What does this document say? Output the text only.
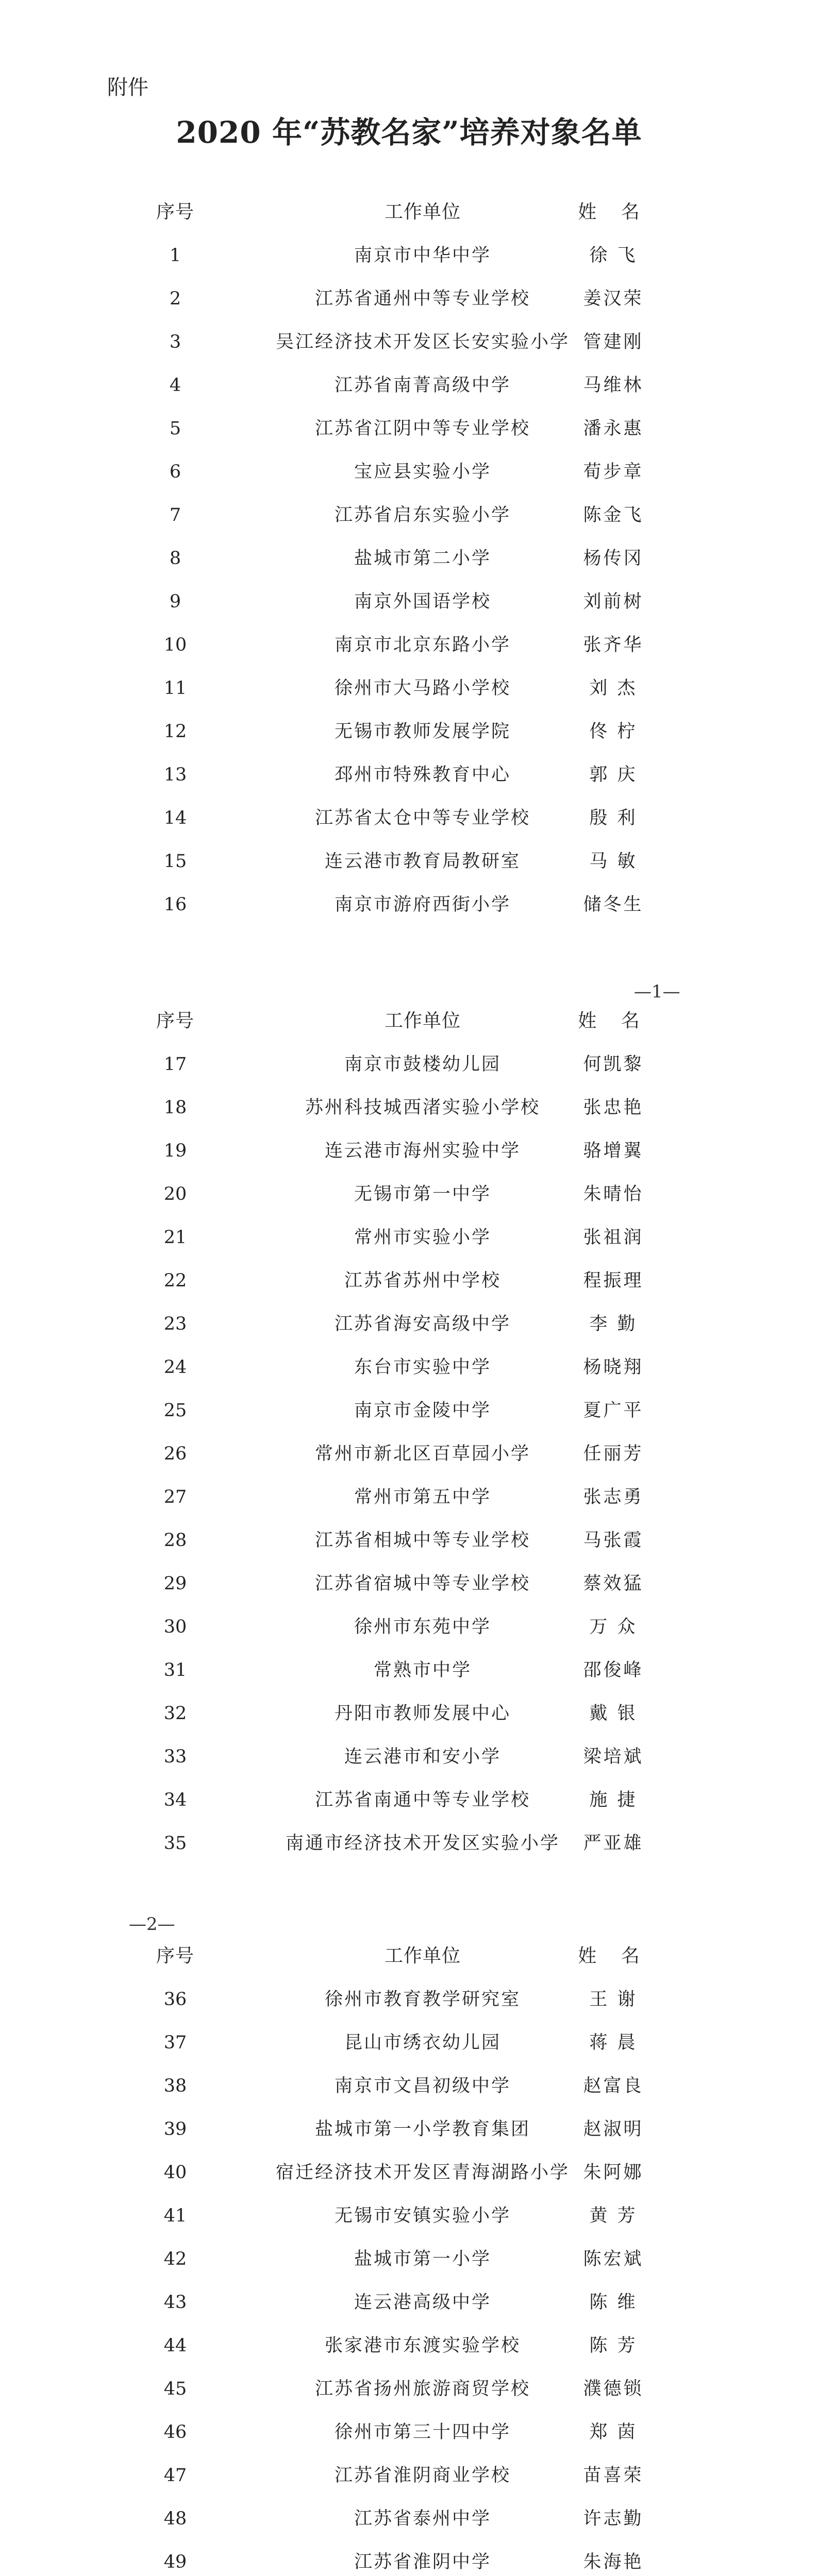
附件
2020 年“苏教名家”培养对象名单
序号	工作单位	姓 名
1	南京市中华中学	徐 飞
2	江苏省通州中等专业学校	姜汉荣
3	吴江经济技术开发区长安实验小学 管建刚
4	江苏省南菁高级中学	马维林
5	江苏省江阴中等专业学校	潘永惠
6	宝应县实验小学	荀步章
7	江苏省启东实验小学	陈金飞
8	盐城市第二小学	杨传冈
9	南京外国语学校	刘前树
10	南京市北京东路小学	张齐华
11	徐州市大马路小学校	刘 杰
12	无锡市教师发展学院	佟 柠
13	邳州市特殊教育中心	郭 庆
14	江苏省太仓中等专业学校	殷 利
15	连云港市教育局教研室	马 敏
16	南京市游府西街小学	储冬生
序号	工作单位	姓 名
17	南京市鼓楼幼儿园	何凯黎
18	苏州科技城西渚实验小学校	张忠艳
19	连云港市海州实验中学	骆增翼
20	无锡市第一中学	朱晴怡
21	常州市实验小学	张祖润
22	江苏省苏州中学校	程振理
23	江苏省海安高级中学	李 勤
24	东台市实验中学	杨晓翔
25	南京市金陵中学	夏广平
26	常州市新北区百草园小学	任丽芳
27	常州市第五中学	张志勇
28	江苏省相城中等专业学校	马张霞
29	江苏省宿城中等专业学校	蔡效猛
30	徐州市东苑中学	万 众
31	常熟市中学	邵俊峰
32	丹阳市教师发展中心	戴 银
33	连云港市和安小学	梁培斌
34	江苏省南通中等专业学校	施 捷
35	南通市经济技术开发区实验小学	严亚雄
序号	工作单位	姓 名
36	徐州市教育教学研究室	王 谢
37	昆山市绣衣幼儿园	蒋 晨
38	南京市文昌初级中学	赵富良
39	盐城市第一小学教育集团	赵淑明
40	宿迁经济技术开发区青海湖路小学 朱阿娜
41	无锡市安镇实验小学	黄 芳
42	盐城市第一小学	陈宏斌
43	连云港高级中学	陈 维
44	张家港市东渡实验学校	陈 芳
45	江苏省扬州旅游商贸学校	濮德锁
46	徐州市第三十四中学	郑 茵
47	江苏省淮阴商业学校	苗喜荣
48	江苏省泰州中学	许志勤
49	江苏省淮阴中学	朱海艳
—1—
—2—
